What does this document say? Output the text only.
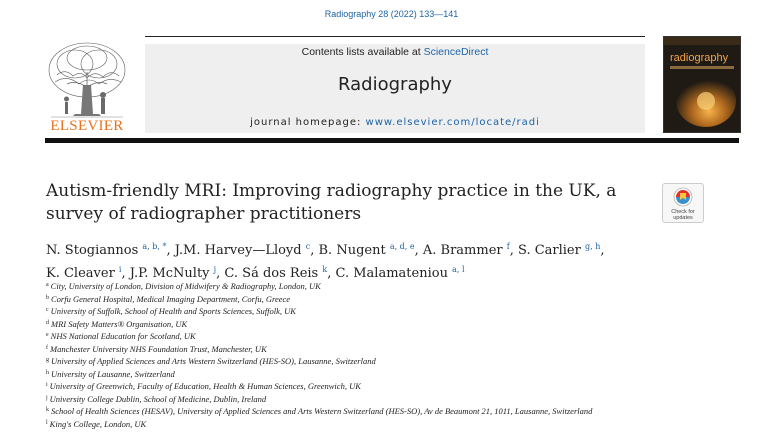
Radiography 28 (2022) 133—141
ELSEVIER
Contents lists available at ScienceDirect
Radiography
journal homepage: www.elsevier.com/locate/radi
radiography
Autism-friendly MRI: Improving radiography practice in the UK, a
survey of radiographer practitioners	Check for
updates
N. Stogiannos $^{a, b, *}$, J.M. Harvey—Lloyd $^c$, B. Nugent $^{a, d, e}$, A. Brammer $^f$, S. Carlier $^{g, h}$,
K. Cleaver $^i$, J.P. McNulty $^j$, C. Sá dos Reis $^k$, C. Malamateniou $^{a, l}$
$^a$ City, University of London, Division of Midwifery & Radiography, London, UK
$^b$ Corfu General Hospital, Medical Imaging Department, Corfu, Greece
$^c$ University of Suffolk, School of Health and Sports Sciences, Suffolk, UK
$^d$ MRI Safety Matters® Organisation, UK
$^e$ NHS National Education for Scotland, UK
$^f$ Manchester University NHS Foundation Trust, Manchester, UK
$^g$ University of Applied Sciences and Arts Western Switzerland (HES-SO), Lausanne, Switzerland
$^h$ University of Lausanne, Switzerland
$^i$ University of Greenwich, Faculty of Education, Health & Human Sciences, Greenwich, UK
$^j$ University College Dublin, School of Medicine, Dublin, Ireland
$^k$ School of Health Sciences (HESAV), University of Applied Sciences and Arts Western Switzerland (HES-SO), Av de Beaumont 21, 1011, Lausanne, Switzerland
$^l$ King's College, London, UK
